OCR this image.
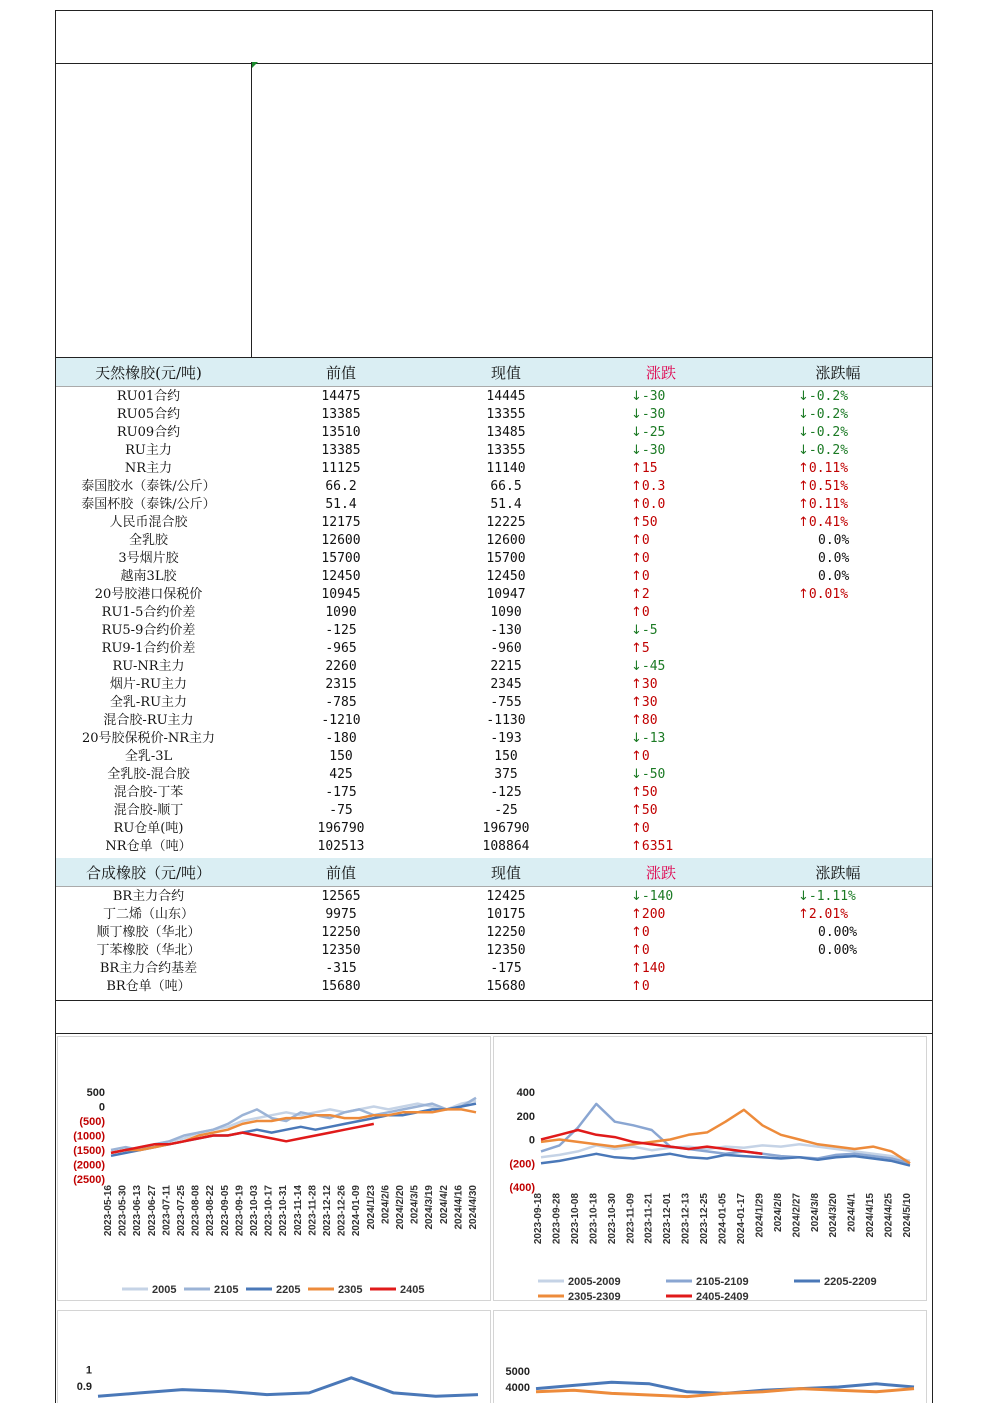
天然橡胶(元/吨)	前值	现值	涨跌	涨跌幅
RU01合约	14475	14445	↓ -30	↓ -0.2%
RU05合约	13385	13355	↓ -30	↓ -0.2%
RU09合约	13510	13485	↓ -25	↓ -0.2%
RU主力	13385	13355	↓ -30	↓ -0.2%
NR主力	11125	11140	↑ 15	↑ 0.11%
泰国胶水（泰铢/公斤）	66.2	66.5	↑ 0.3	↑ 0.51%
泰国杯胶（泰铢/公斤）	51.4	51.4	↑ 0.0	↑ 0.11%
人民币混合胶	12175	12225	↑ 50	↑ 0.41%
全乳胶	12600	12600	↑ 0	0.0%
3号烟片胶	15700	15700	↑ 0	0.0%
越南3L胶	12450	12450	↑ 0	0.0%
20号胶港口保税价	10945	10947	↑ 2	↑ 0.01%
RU1-5合约价差	1090	1090	↑ 0
RU5-9合约价差	-125	-130	↓ -5
RU9-1合约价差	-965	-960	↑ 5
RU-NR主力	2260	2215	↓ -45
烟片-RU主力	2315	2345	↑ 30
全乳-RU主力	-785	-755	↑ 30
混合胶-RU主力	-1210	-1130	↑ 80
20号胶保税价-NR主力	-180	-193	↓ -13
全乳-3L	150	150	↑ 0
全乳胶-混合胶	425	375	↓ -50
混合胶-丁苯	-175	-125	↑ 50
混合胶-顺丁	-75	-25	↑ 50
RU仓单(吨)	196790	196790	↑ 0
NR仓单（吨）	102513	108864	↑ 6351
合成橡胶（元/吨）	前值	现值	涨跌	涨跌幅
BR主力合约	12565	12425	↓ -140	↓ -1.11%
丁二烯（山东）	9975	10175	↑ 200	↑ 2.01%
顺丁橡胶（华北）	12250	12250	↑ 0	0.00%
丁苯橡胶（华北）	12350	12350	↑ 0	0.00%
BR主力合约基差	-315	-175	↑ 140
BR仓单（吨）	15680	15680	↑ 0
500
0
(500)
(1000)
(1500)
(2000)
(2500)
2023-05-16 2023-05-30 2023-06-13 2023-06-27 2023-07-11 2023-07-25 2023-08-08 2023-08-22 2023-09-05 2023-09-19 2023-10-03 2023-10-17 2023-10-31 2023-11-14 2023-11-28 2023-12-12 2023-12-26 2024-01-09 2024/1/23 2024/2/6 2024/2/20 2024/3/5 2024/3/19 2024/4/2 2024/4/16 2024/4/30
2005	2105	2205	2305	2405
400
200
0
(200)
(400)
2023-09-18 2023-09-28 2023-10-08 2023-10-18 2023-10-30 2023-11-09 2023-11-21 2023-12-01 2023-12-13 2023-12-25 2024-01-05 2024-01-17 2024/1/29 2024/2/8 2024/2/27 2024/3/8 2024/3/20 2024/4/1 2024/4/15 2024/4/25 2024/5/10
2005-2009	2105-2109	2205-2209
2305-2309	2405-2409
1
0.9
5000
4000
